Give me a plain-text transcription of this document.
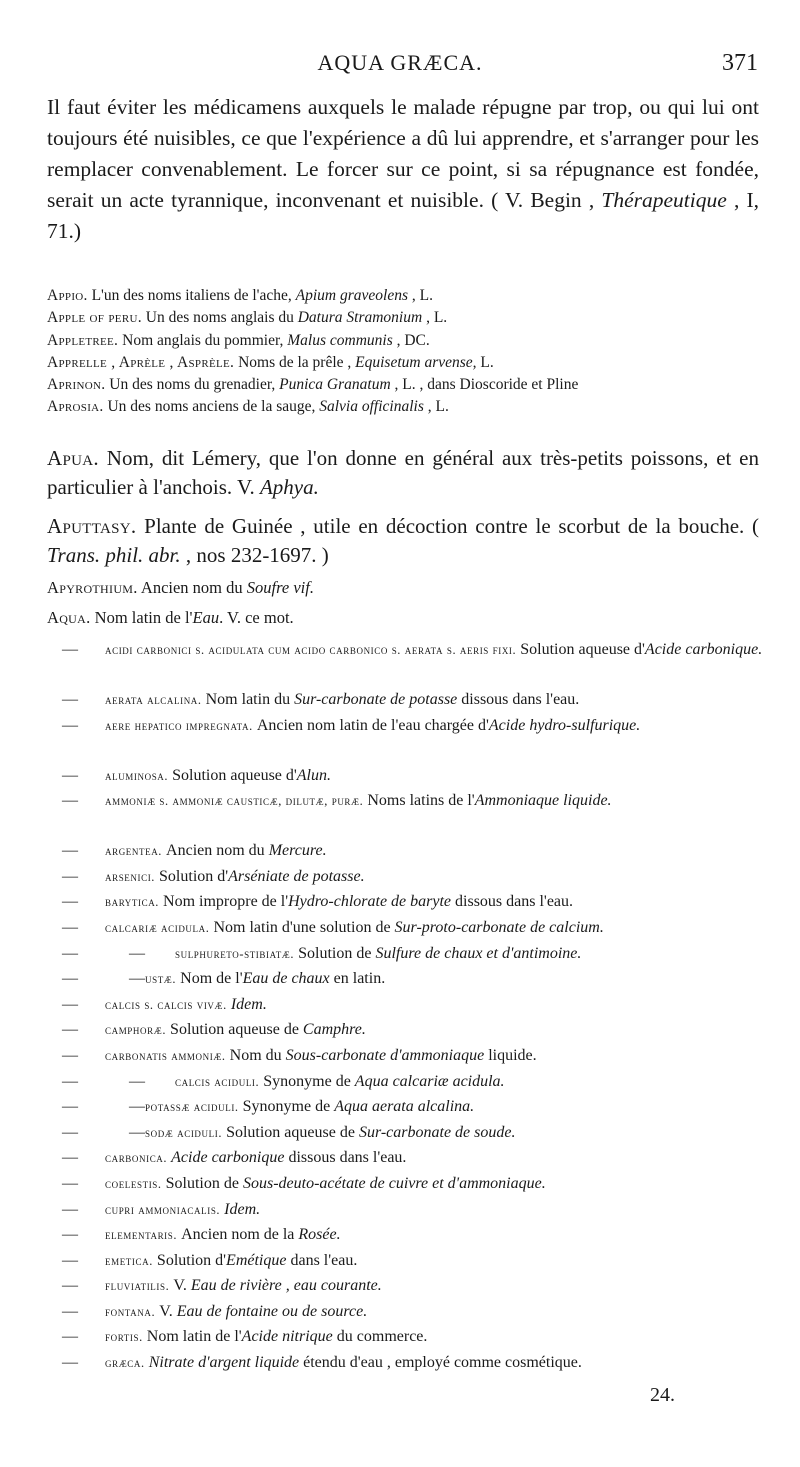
AQUA GRÆCA.	371
Il faut éviter les médicamens auxquels le malade répugne par trop, ou qui lui ont toujours été nuisibles, ce que l'expérience a dû lui apprendre, et s'arranger pour les remplacer convenablement. Le forcer sur ce point, si sa répugnance est fondée, serait un acte tyrannique, inconvenant et nuisible. ( V. Begin , Thérapeutique , I, 71.)
Appio. L'un des noms italiens de l'ache, Apium graveolens , L.
Apple of peru. Un des noms anglais du Datura Stramonium , L.
Appletree. Nom anglais du pommier, Malus communis , DC.
Apprelle , Aprèle , Asprèle. Noms de la prêle , Equisetum arvense, L.
Aprinon. Un des noms du grenadier, Punica Granatum , L. , dans Dioscoride et Pline
Aprosia. Un des noms anciens de la sauge, Salvia officinalis , L.
Apua. Nom, dit Lémery, que l'on donne en général aux très-petits poissons, et en particulier à l'anchois. V. Aphya.
Aputtasy. Plante de Guinée , utile en décoction contre le scorbut de la bouche. ( Trans. phil. abr. , nos 232-1697. )
Apyrothium. Ancien nom du Soufre vif.
Aqua. Nom latin de l'Eau. V. ce mot.
— acidi carbonici s. acidulata cum acido carbonico s. aerata s. aeris fixi. Solution aqueuse d'Acide carbonique.
— aerata alcalina. Nom latin du Sur-carbonate de potasse dissous dans l'eau.
— aere hepatico impregnata. Ancien nom latin de l'eau chargée d'Acide hydro-sulfurique.
— aluminosa. Solution aqueuse d'Alun.
— ammoniæ s. ammoniæ causticæ, dilutæ, puræ. Noms latins de l'Ammoniaque liquide.
— argentea. Ancien nom du Mercure.
— arsenici. Solution d'Arséniate de potasse.
— barytica. Nom impropre de l'Hydro-chlorate de baryte dissous dans l'eau.
— calcariæ acidula. Nom latin d'une solution de Sur-proto-carbonate de calcium.
—	— sulphureto-stibiatæ. Solution de Sulfure de chaux et d'antimoine.
—	— ustæ. Nom de l'Eau de chaux en latin.
— calcis s. calcis vivæ. Idem.
— camphoræ. Solution aqueuse de Camphre.
— carbonatis ammoniæ. Nom du Sous-carbonate d'ammoniaque liquide.
—	— calcis aciduli. Synonyme de Aqua calcariæ acidula.
—	— potassæ aciduli. Synonyme de Aqua aerata alcalina.
—	— sodæ aciduli. Solution aqueuse de Sur-carbonate de soude.
— carbonica. Acide carbonique dissous dans l'eau.
— coelestis. Solution de Sous-deuto-acétate de cuivre et d'ammoniaque.
— cupri ammoniacalis. Idem.
— elementaris. Ancien nom de la Rosée.
— emetica. Solution d'Emétique dans l'eau.
— fluviatilis. V. Eau de rivière , eau courante.
— fontana. V. Eau de fontaine ou de source.
— fortis. Nom latin de l'Acide nitrique du commerce.
— græca. Nitrate d'argent liquide étendu d'eau , employé comme cosmétique.
24.
